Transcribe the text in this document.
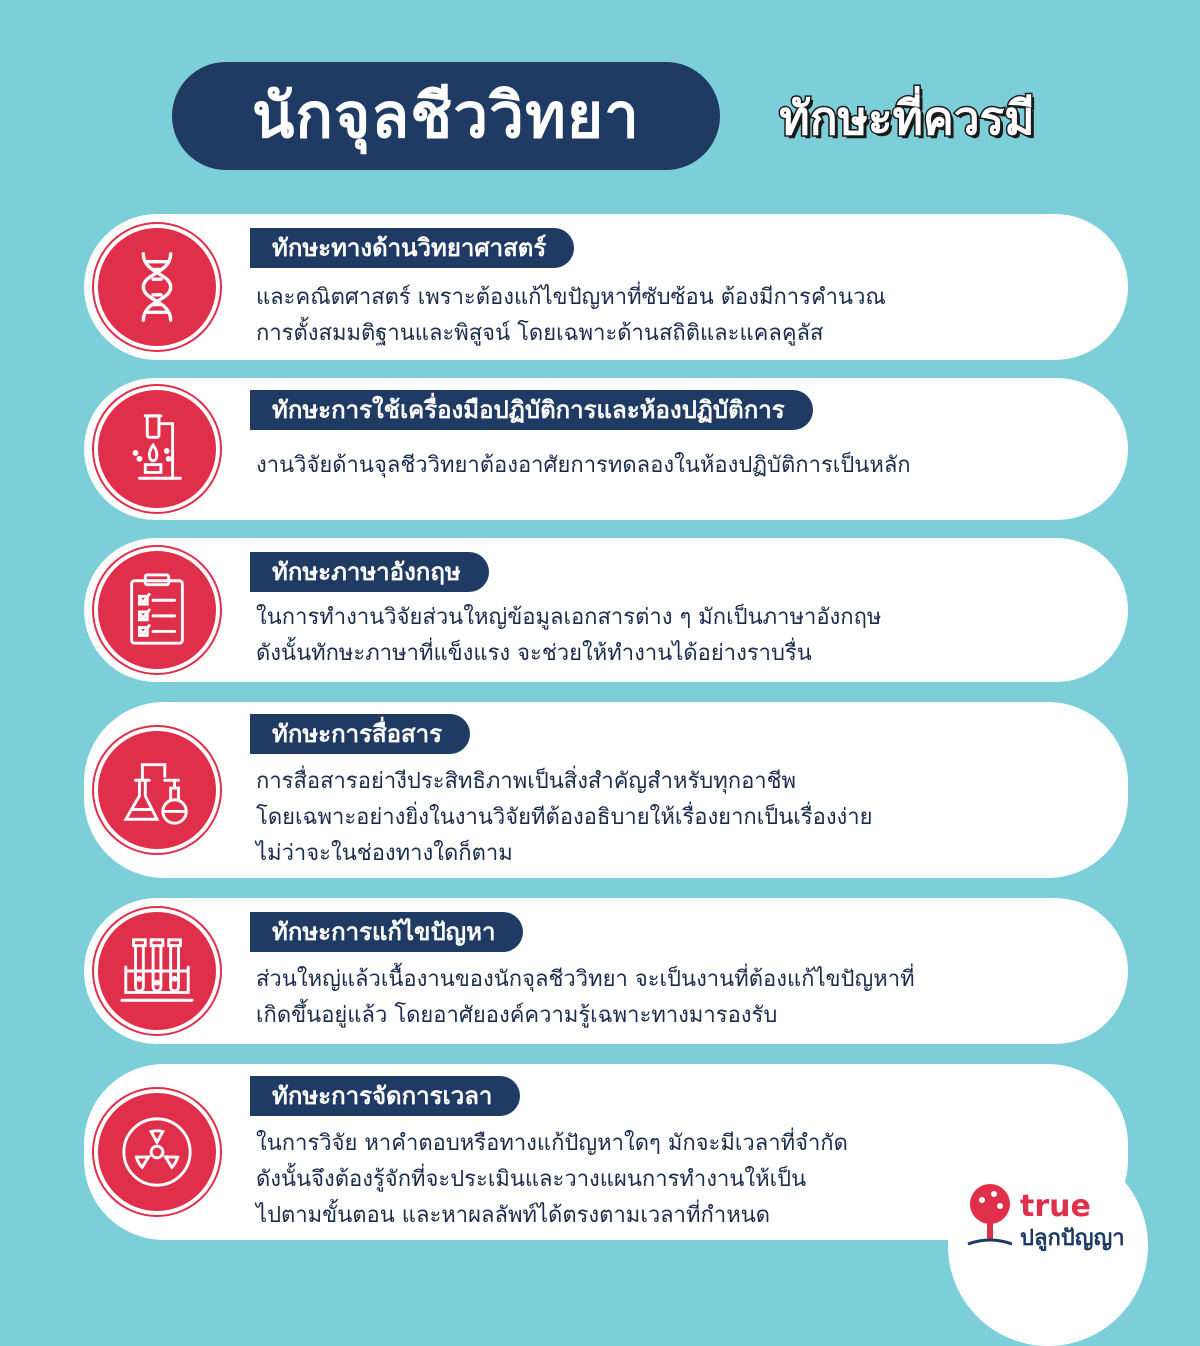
นักจุลชีววิทยา	ทักษะที่ควรมี
ทักษะทางด้านวิทยาศาสตร์
และคณิตศาสตร์ เพราะต้องแก้ไขปัญหาที่ซับซ้อน ต้องมีการคำนวณ
การตั้งสมมติฐานและพิสูจน์ โดยเฉพาะด้านสถิติและแคลคูลัส
ทักษะการใช้เครื่องมือปฏิบัติการและห้องปฏิบัติการ
งานวิจัยด้านจุลชีววิทยาต้องอาศัยการทดลองในห้องปฏิบัติการเป็นหลัก
ทักษะภาษาอังกฤษ
ในการทำงานวิจัยส่วนใหญ่ข้อมูลเอกสารต่าง ๆ มักเป็นภาษาอังกฤษ
ดังนั้นทักษะภาษาที่แข็งแรง จะช่วยให้ทำงานได้อย่างราบรื่น
ทักษะการสื่อสาร
การสื่อสารอย่างีประสิทธิภาพเป็นสิ่งสำคัญสำหรับทุกอาชีพ
โดยเฉพาะอย่างยิ่งในงานวิจัยทีต้องอธิบายให้เรื่องยากเป็นเรื่องง่าย
ไม่ว่าจะในช่องทางใดก็ตาม
ทักษะการแก้ไขปัญหา
ส่วนใหญ่แล้วเนื้องานของนักจุลชีววิทยา จะเป็นงานที่ต้องแก้ไขปัญหาที่
เกิดขึ้นอยู่แล้ว โดยอาศัยองค์ความรู้เฉพาะทางมารองรับ
ทักษะการจัดการเวลา
ในการวิจัย หาคำตอบหรือทางแก้ปัญหาใดๆ มักจะมีเวลาที่จำกัด
ดังนั้นจึงต้องรู้จักที่จะประเมินและวางแผนการทำงานให้เป็น
ไปตามขั้นตอน และหาผลลัพท์ได้ตรงตามเวลาที่กำหนด	true
ปลูกปัญญา
